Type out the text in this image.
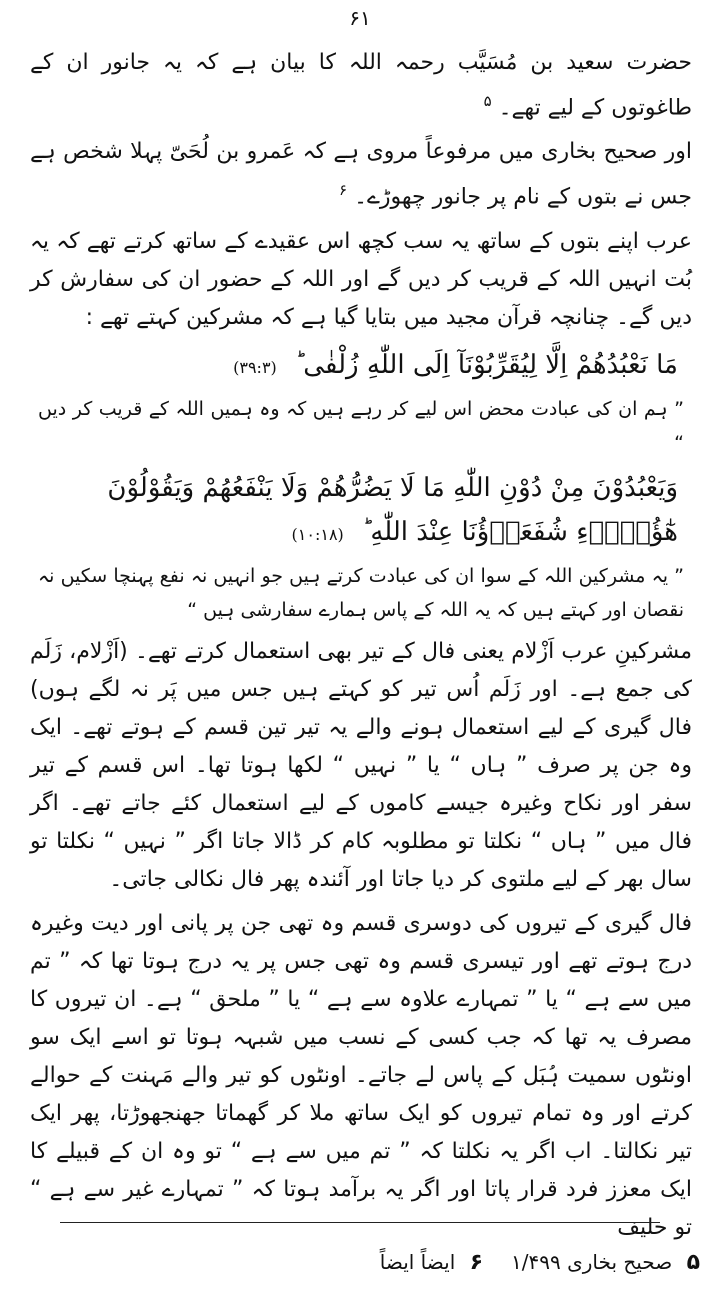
۶۱

حضرت سعید بن مُسَیَّب رحمہ اللہ کا بیان ہے کہ یہ جانور ان کے طاغوتوں کے لیے تھے۔ $^۵$

اور صحیح بخاری میں مرفوعاً مروی ہے کہ عَمرو بن لُحَیّ پہلا شخص ہے جس نے بتوں کے نام پر جانور چھوڑے۔ $^۶$

عرب اپنے بتوں کے ساتھ یہ سب کچھ اس عقیدے کے ساتھ کرتے تھے کہ یہ بُت انہیں اللہ کے قریب کر دیں گے اور اللہ کے حضور ان کی سفارش کر دیں گے۔ چنانچہ قرآن مجید میں بتایا گیا ہے کہ مشرکین کہتے تھے :

مَا نَعْبُدُهُمْ اِلَّا لِيُقَرِّبُوْنَآ اِلَى اللّٰهِ زُلْفٰى ؕ (۳۹:۳)

” ہم ان کی عبادت محض اس لیے کر رہے ہیں کہ وہ ہمیں اللہ کے قریب کر دیں “

وَيَعْبُدُوْنَ مِنْ دُوْنِ اللّٰهِ مَا لَا يَضُرُّهُمْ وَلَا يَنْفَعُهُمْ وَيَقُوْلُوْنَ هٰٓؤُلَاۗءِ شُفَعَاۗؤُنَا عِنْدَ اللّٰهِ ؕ (۱۰:۱۸)

” یہ مشرکین اللہ کے سوا ان کی عبادت کرتے ہیں جو انہیں نہ نفع پہنچا سکیں نہ نقصان اور کہتے ہیں کہ یہ اللہ کے پاس ہمارے سفارشی ہیں “

مشرکینِ عرب اَزْلام یعنی فال کے تیر بھی استعمال کرتے تھے۔ (اَزْلام، زَلَم کی جمع ہے۔ اور زَلَم اُس تیر کو کہتے ہیں جس میں پَر نہ لگے ہوں) فال گیری کے لیے استعمال ہونے والے یہ تیر تین قسم کے ہوتے تھے۔ ایک وہ جن پر صرف ” ہاں “ یا ” نہیں “ لکھا ہوتا تھا۔ اس قسم کے تیر سفر اور نکاح وغیرہ جیسے کاموں کے لیے استعمال کئے جاتے تھے۔ اگر فال میں ” ہاں “ نکلتا تو مطلوبہ کام کر ڈالا جاتا اگر ” نہیں “ نکلتا تو سال بھر کے لیے ملتوی کر دیا جاتا اور آئندہ پھر فال نکالی جاتی۔

فال گیری کے تیروں کی دوسری قسم وہ تھی جن پر پانی اور دیت وغیرہ درج ہوتے تھے اور تیسری قسم وہ تھی جس پر یہ درج ہوتا تھا کہ ” تم میں سے ہے “ یا ” تمہارے علاوہ سے ہے “ یا ” ملحق “ ہے۔ ان تیروں کا مصرف یہ تھا کہ جب کسی کے نسب میں شبہہ ہوتا تو اسے ایک سو اونٹوں سمیت ہُبَل کے پاس لے جاتے۔ اونٹوں کو تیر والے مَہنت کے حوالے کرتے اور وہ تمام تیروں کو ایک ساتھ ملا کر گھماتا جھنجھوڑتا، پھر ایک تیر نکالتا۔ اب اگر یہ نکلتا کہ ” تم میں سے ہے “ تو وہ ان کے قبیلے کا ایک معزز فرد قرار پاتا اور اگر یہ برآمد ہوتا کہ ” تمہارے غیر سے ہے “ تو حلیف

۵ صحیح بخاری ۱/۴۹۹
۶ ایضاً ایضاً
